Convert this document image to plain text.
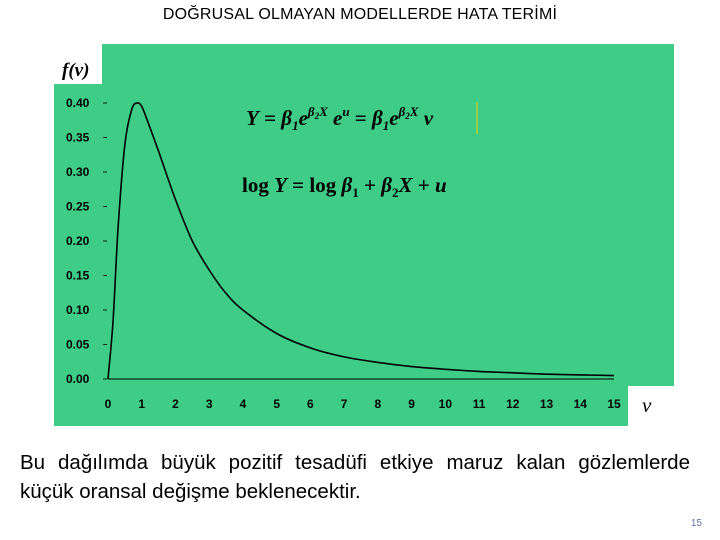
DOĞRUSAL OLMAYAN MODELLERDE HATA TERİMİ
f(v)
v
0.00
0.05
0.10
0.15
0.20
0.25
0.30
0.35
0.40
0 1 2 3 4 5 6 7 8 9 10 11 12 13 14 15
$Y = \beta_1e^\beta 2X$ $e^u = \beta_1e^\beta 2X$ v
$\log Y = \log \beta_1 + \beta_2X + u$
Bu dağılımda büyük pozitif tesadüfi etkiye maruz kalan gözlemlerde küçük oransal değişme beklenecektir.
15
